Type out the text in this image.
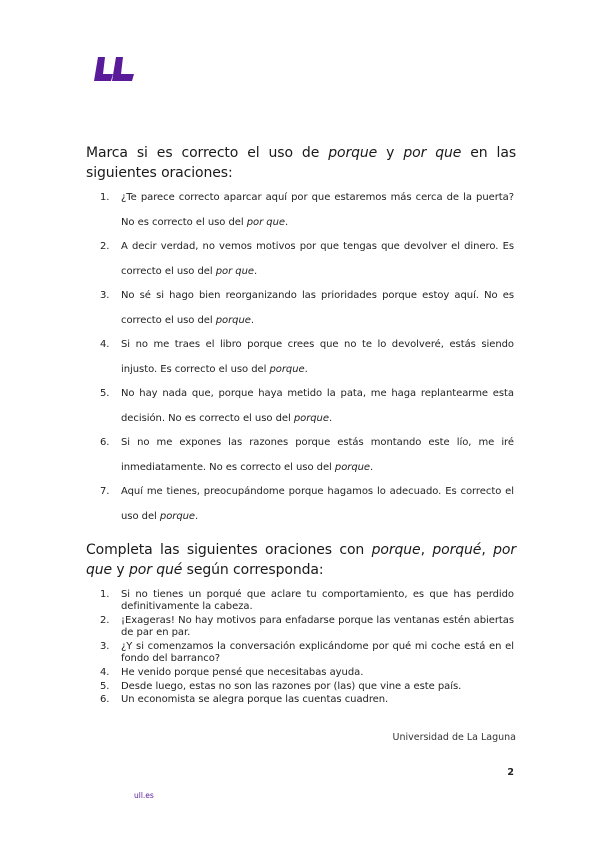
Marca si es correcto el uso de porque y por que en las siguientes oraciones:
1. ¿Te parece correcto aparcar aquí por que estaremos más cerca de la puerta? No es correcto el uso del por que.
2. A decir verdad, no vemos motivos por que tengas que devolver el dinero. Es correcto el uso del por que.
3. No sé si hago bien reorganizando las prioridades porque estoy aquí. No es correcto el uso del porque.
4. Si no me traes el libro porque crees que no te lo devolveré, estás siendo injusto. Es correcto el uso del porque.
5. No hay nada que, porque haya metido la pata, me haga replantearme esta decisión. No es correcto el uso del porque.
6. Si no me expones las razones porque estás montando este lío, me iré inmediatamente. No es correcto el uso del porque.
7. Aquí me tienes, preocupándome porque hagamos lo adecuado. Es correcto el uso del porque.
Completa las siguientes oraciones con porque, porqué, por que y por qué según corresponda:
1. Si no tienes un porqué que aclare tu comportamiento, es que has perdido definitivamente la cabeza.
2. ¡Exageras! No hay motivos para enfadarse porque las ventanas estén abiertas de par en par.
3. ¿Y si comenzamos la conversación explicándome por qué mi coche está en el fondo del barranco?
4. He venido porque pensé que necesitabas ayuda.
5. Desde luego, estas no son las razones por (las) que vine a este país.
6. Un economista se alegra porque las cuentas cuadren.
Universidad de La Laguna
2
ull.es
